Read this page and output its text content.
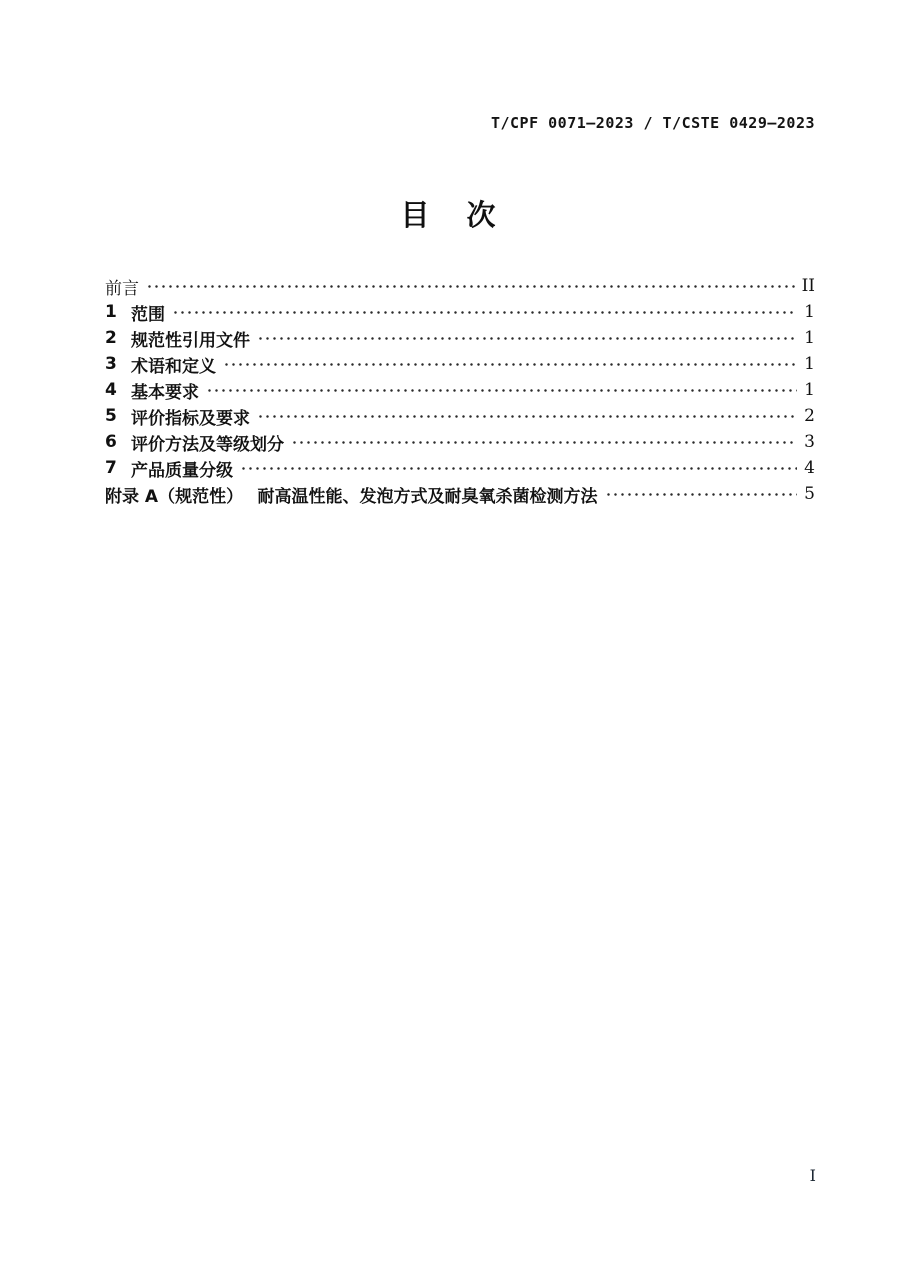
T/CPF 0071—2023 / T/CSTE 0429—2023
目　次
前言	II
1 范围	1
2 规范性引用文件	1
3 术语和定义	1
4 基本要求	1
5 评价指标及要求	2
6 评价方法及等级划分	3
7 产品质量分级	4
附录 A（规范性）　 耐高温性能、发泡方式及耐臭氧杀菌检测方法	5
I
